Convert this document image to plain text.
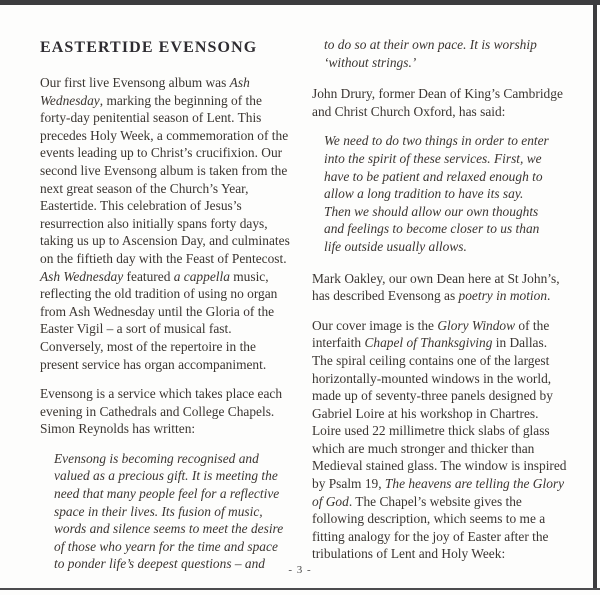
EASTERTIDE EVENSONG

Our first live Evensong album was Ash Wednesday, marking the beginning of the forty-day penitential season of Lent. This precedes Holy Week, a commemoration of the events leading up to Christ’s crucifixion. Our second live Evensong album is taken from the next great season of the Church’s Year, Eastertide. This celebration of Jesus’s resurrection also initially spans forty days, taking us up to Ascension Day, and culminates on the fiftieth day with the Feast of Pentecost. Ash Wednesday featured a cappella music, reflecting the old tradition of using no organ from Ash Wednesday until the Gloria of the Easter Vigil – a sort of musical fast. Conversely, most of the repertoire in the present service has organ accompaniment.

Evensong is a service which takes place each evening in Cathedrals and College Chapels. Simon Reynolds has written:

Evensong is becoming recognised and valued as a precious gift. It is meeting the need that many people feel for a reflective space in their lives. Its fusion of music, words and silence seems to meet the desire of those who yearn for the time and space to ponder life’s deepest questions – and

to do so at their own pace. It is worship ‘without strings.’

John Drury, former Dean of King’s Cambridge and Christ Church Oxford, has said:

We need to do two things in order to enter into the spirit of these services. First, we have to be patient and relaxed enough to allow a long tradition to have its say. Then we should allow our own thoughts and feelings to become closer to us than life outside usually allows.

Mark Oakley, our own Dean here at St John’s, has described Evensong as poetry in motion.

Our cover image is the Glory Window of the interfaith Chapel of Thanksgiving in Dallas. The spiral ceiling contains one of the largest horizontally-mounted windows in the world, made up of seventy-three panels designed by Gabriel Loire at his workshop in Chartres. Loire used 22 millimetre thick slabs of glass which are much stronger and thicker than Medieval stained glass. The window is inspired by Psalm 19, The heavens are telling the Glory of God. The Chapel’s website gives the following description, which seems to me a fitting analogy for the joy of Easter after the tribulations of Lent and Holy Week:

- 3 -
